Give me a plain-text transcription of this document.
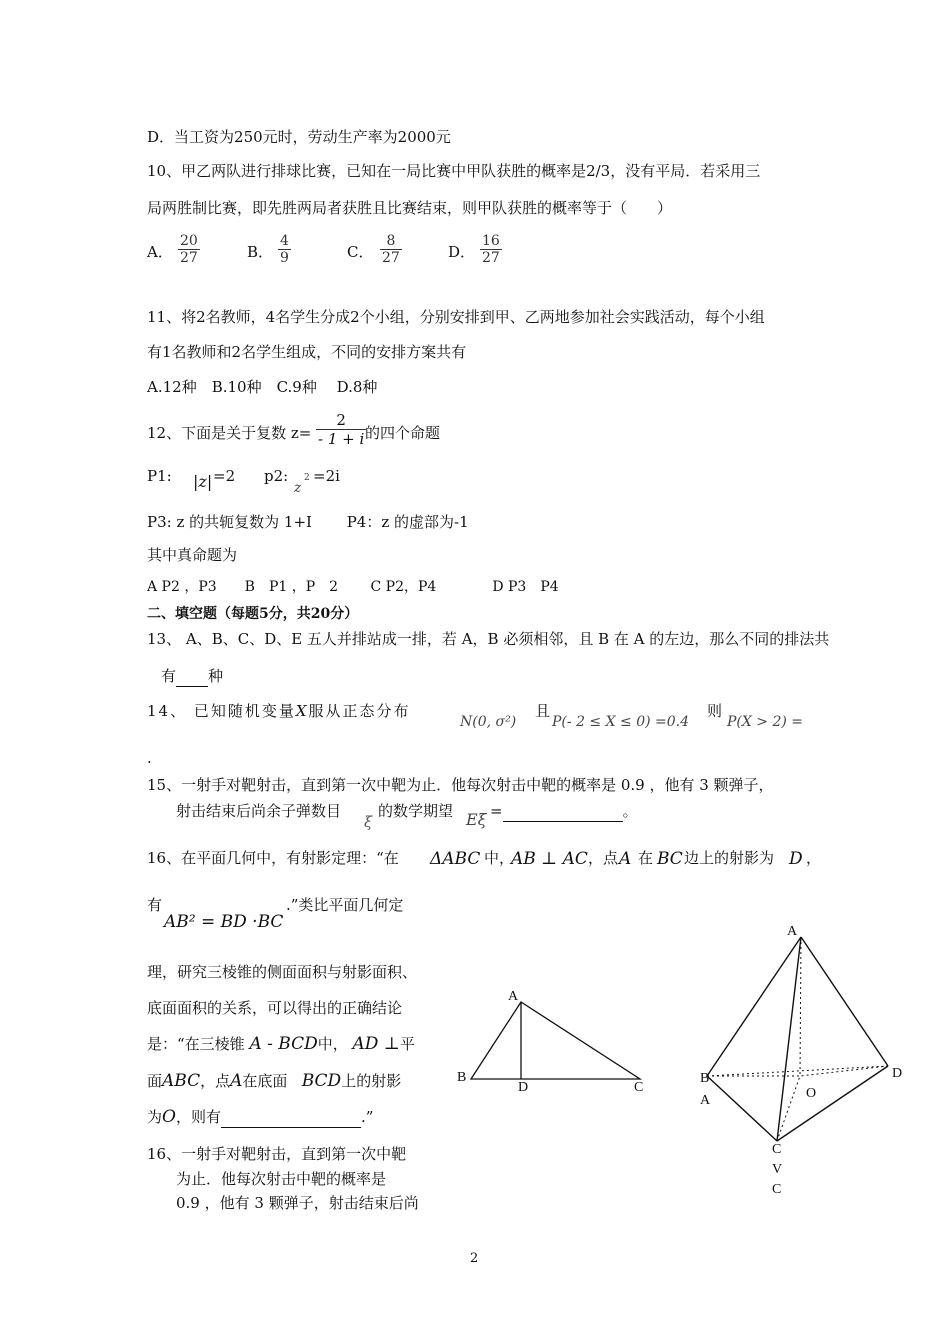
D．当工资为250元时，劳动生产率为2000元
10、甲乙两队进行排球比赛，已知在一局比赛中甲队获胜的概率是2/3，没有平局．若采用三
局两胜制比赛，即先胜两局者获胜且比赛结束，则甲队获胜的概率等于（　　）
A． $\frac{20}{27}$	B． $\frac{4}{9}$	C． $\frac{8}{27}$	D． $\frac{16}{27}$
11、将2名教师，4名学生分成2个小组，分别安排到甲、乙两地参加社会实践活动，每个小组
有1名教师和2名学生组成，不同的安排方案共有
A.12种　B.10种　C.9种　 D.8种
12、下面是关于复数 $z= \frac{2}{- 1 + i}$
的四个命题
P1: |z| =2 p2:
z
2 =2i
P3: z 的共轭复数为 1+I　　 P4：z 的虚部为-1
其中真命题为
A P2 ，P3　　B　P1 ，P　2　　 C P2，P4　　　　D P3　P4
二、填空题（每题5分，共20分）
13、 A、B、C、D、E 五人并排站成一排，若 A，B 必须相邻，且 B 在 A 的左边，那么不同的排法共
有 种
14、 已知随机变量X服从正态分布
N(0, σ²)
且
P(- 2 ≤ X ≤ 0) =0.4
则
P(X > 2) =
.
15、一射手对靶射击，直到第一次中靶为止．他每次射击中靶的概率是 0.9 ，他有 3 颗弹子，
射击结束后尚余子弹数目
ξ
的数学期望 Eξ =	。
16、在平面几何中，有射影定理：“在 ΔABC 中，
AB ⊥ AC ，点 A 在 BC 边上的射影为 D ，
有
AB² = BD ·BC
.”类比平面几何定
理，研究三棱锥的侧面面积与射影面积、
底面面积的关系，可以得出的正确结论
是：“在三棱锥 A - BCD中， AD ⊥平
面ABC，点A在底面 BCD上的射影
为O，则有	.”
16、一射手对靶射击，直到第一次中靶
为止．他每次射击中靶的概率是
0.9 ，他有 3 颗弹子，射击结束后尚
A
B
D	C
A
B
A
D
O
C
V
C
2
